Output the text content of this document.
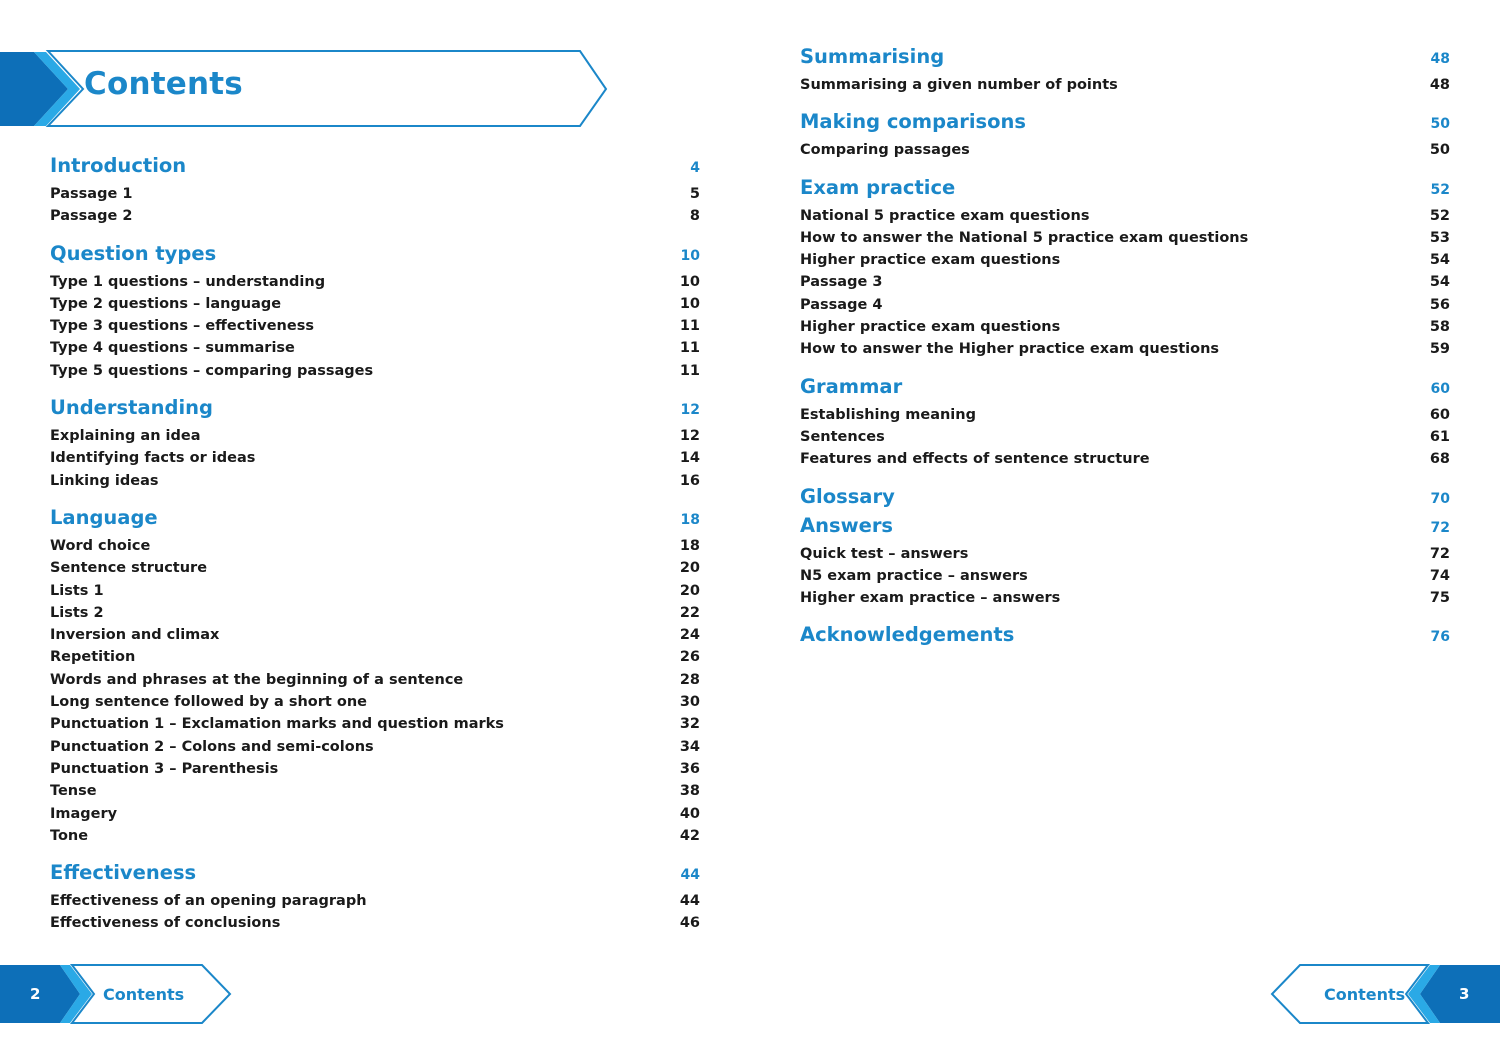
Contents
Introduction	4
Passage 1	5
Passage 2	8
Question types	10
Type 1 questions – understanding	10
Type 2 questions – language	10
Type 3 questions – effectiveness	11
Type 4 questions – summarise	11
Type 5 questions – comparing passages	11
Understanding	12
Explaining an idea	12
Identifying facts or ideas	14
Linking ideas	16
Language	18
Word choice	18
Sentence structure	20
Lists 1	20
Lists 2	22
Inversion and climax	24
Repetition	26
Words and phrases at the beginning of a sentence	28
Long sentence followed by a short one	30
Punctuation 1 – Exclamation marks and question marks	32
Punctuation 2 – Colons and semi-colons	34
Punctuation 3 – Parenthesis	36
Tense	38
Imagery	40
Tone	42
Effectiveness	44
Effectiveness of an opening paragraph	44
Effectiveness of conclusions	46
Summarising	48
Summarising a given number of points	48
Making comparisons	50
Comparing passages	50
Exam practice	52
National 5 practice exam questions	52
How to answer the National 5 practice exam questions	53
Higher practice exam questions	54
Passage 3	54
Passage 4	56
Higher practice exam questions	58
How to answer the Higher practice exam questions	59
Grammar	60
Establishing meaning	60
Sentences	61
Features and effects of sentence structure	68
Glossary	70
Answers	72
Quick test – answers	72
N5 exam practice – answers	74
Higher exam practice – answers	75
Acknowledgements	76
2	Contents	Contents	3
